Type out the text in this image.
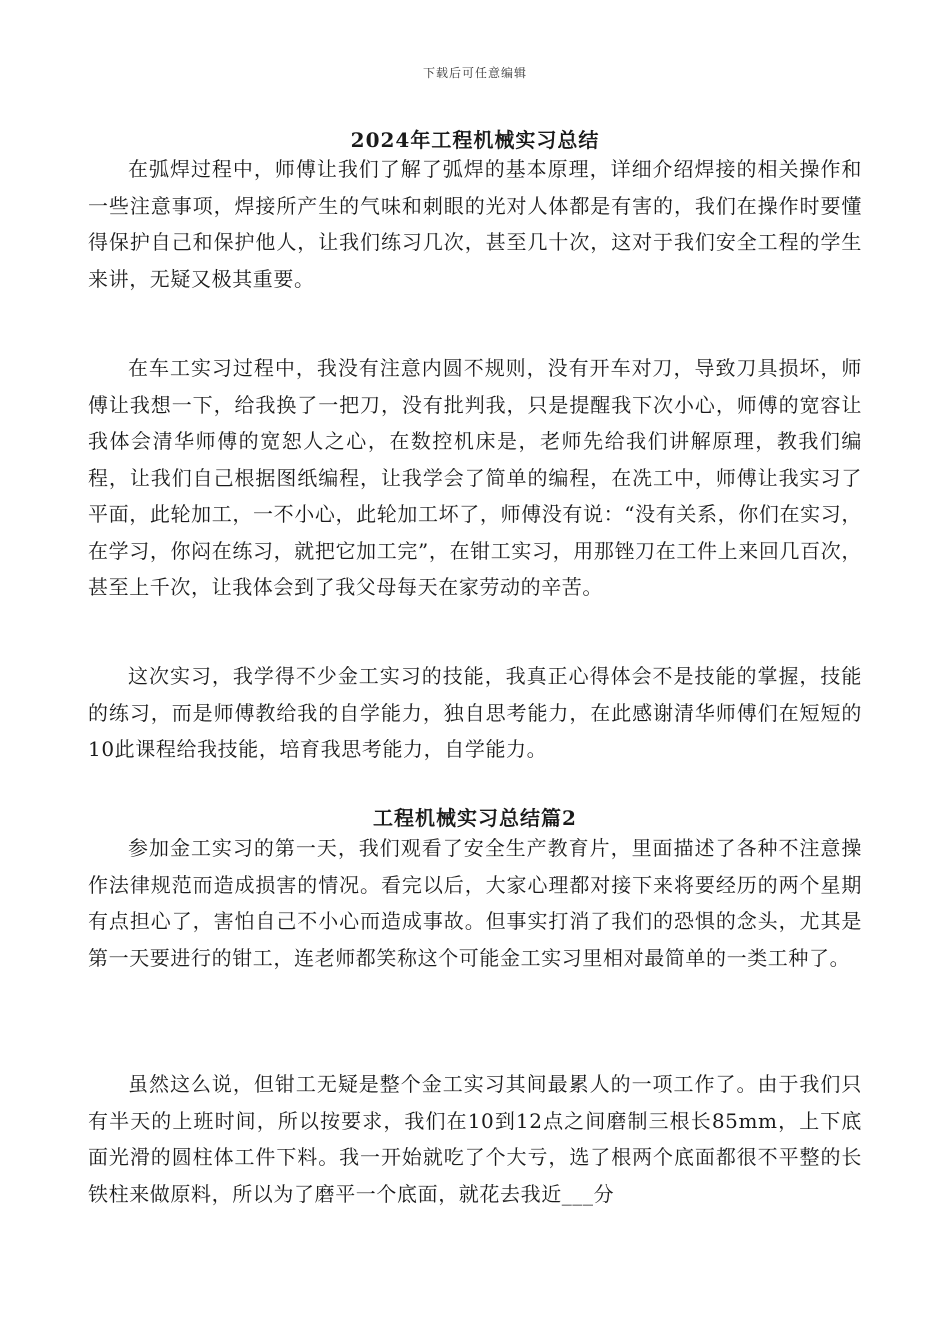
下载后可任意编辑
2024年工程机械实习总结

在弧焊过程中，师傅让我们了解了弧焊的基本原理，详细介绍焊接的相关操作和一些注意事项，焊接所产生的气味和刺眼的光对人体都是有害的，我们在操作时要懂得保护自己和保护他人，让我们练习几次，甚至几十次，这对于我们安全工程的学生来讲，无疑又极其重要。

在车工实习过程中，我没有注意内圆不规则，没有开车对刀，导致刀具损坏，师傅让我想一下，给我换了一把刀，没有批判我，只是提醒我下次小心，师傅的宽容让我体会清华师傅的宽恕人之心，在数控机床是，老师先给我们讲解原理，教我们编程，让我们自己根据图纸编程，让我学会了简单的编程，在冼工中，师傅让我实习了平面，此轮加工，一不小心，此轮加工坏了，师傅没有说：“没有关系，你们在实习，在学习，你闷在练习，就把它加工完”，在钳工实习，用那锉刀在工件上来回几百次，甚至上千次，让我体会到了我父母每天在家劳动的辛苦。

这次实习，我学得不少金工实习的技能，我真正心得体会不是技能的掌握，技能的练习，而是师傅教给我的自学能力，独自思考能力，在此感谢清华师傅们在短短的10此课程给我技能，培育我思考能力，自学能力。

工程机械实习总结篇2

参加金工实习的第一天，我们观看了安全生产教育片，里面描述了各种不注意操作法律规范而造成损害的情况。看完以后，大家心理都对接下来将要经历的两个星期有点担心了，害怕自己不小心而造成事故。但事实打消了我们的恐惧的念头，尤其是第一天要进行的钳工，连老师都笑称这个可能金工实习里相对最简单的一类工种了。

虽然这么说，但钳工无疑是整个金工实习其间最累人的一项工作了。由于我们只有半天的上班时间，所以按要求，我们在10到12点之间磨制三根长85mm，上下底面光滑的圆柱体工件下料。我一开始就吃了个大亏，选了根两个底面都很不平整的长铁柱来做原料，所以为了磨平一个底面，就花去我近___分
